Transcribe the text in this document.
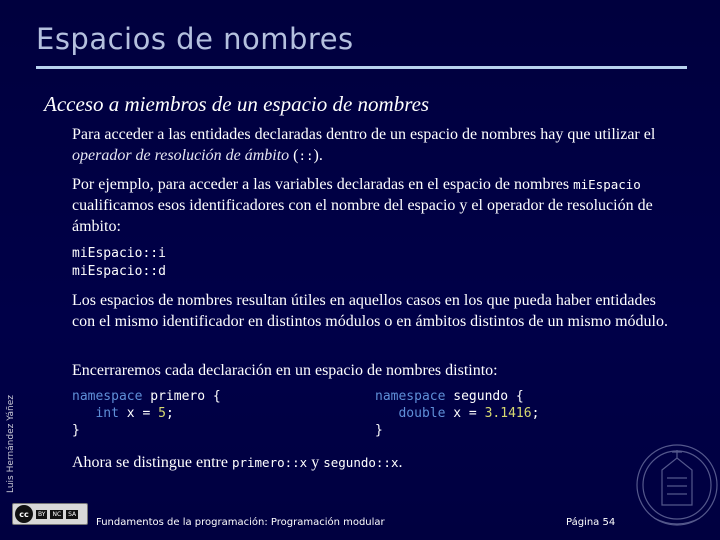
Espacios de nombres
Acceso a miembros de un espacio de nombres
Para acceder a las entidades declaradas dentro de un espacio de nombres hay que utilizar el operador de resolución de ámbito (::).
Por ejemplo, para acceder a las variables declaradas en el espacio de nombres miEspacio cualificamos esos identificadores con el nombre del espacio y el operador de resolución de ámbito:
miEspacio::i
miEspacio::d
Los espacios de nombres resultan útiles en aquellos casos en los que pueda haber entidades con el mismo identificador en distintos módulos o en ámbitos distintos de un mismo módulo.
Encerraremos cada declaración en un espacio de nombres distinto:
namespace primero {
int x = 5;
}
namespace segundo {
double x = 3.1416;
}
Ahora se distingue entre primero::x y segundo::x.
Luis Hernández Yáñez
cc	BY	NC	SA
Fundamentos de la programación: Programación modular	Página 54
